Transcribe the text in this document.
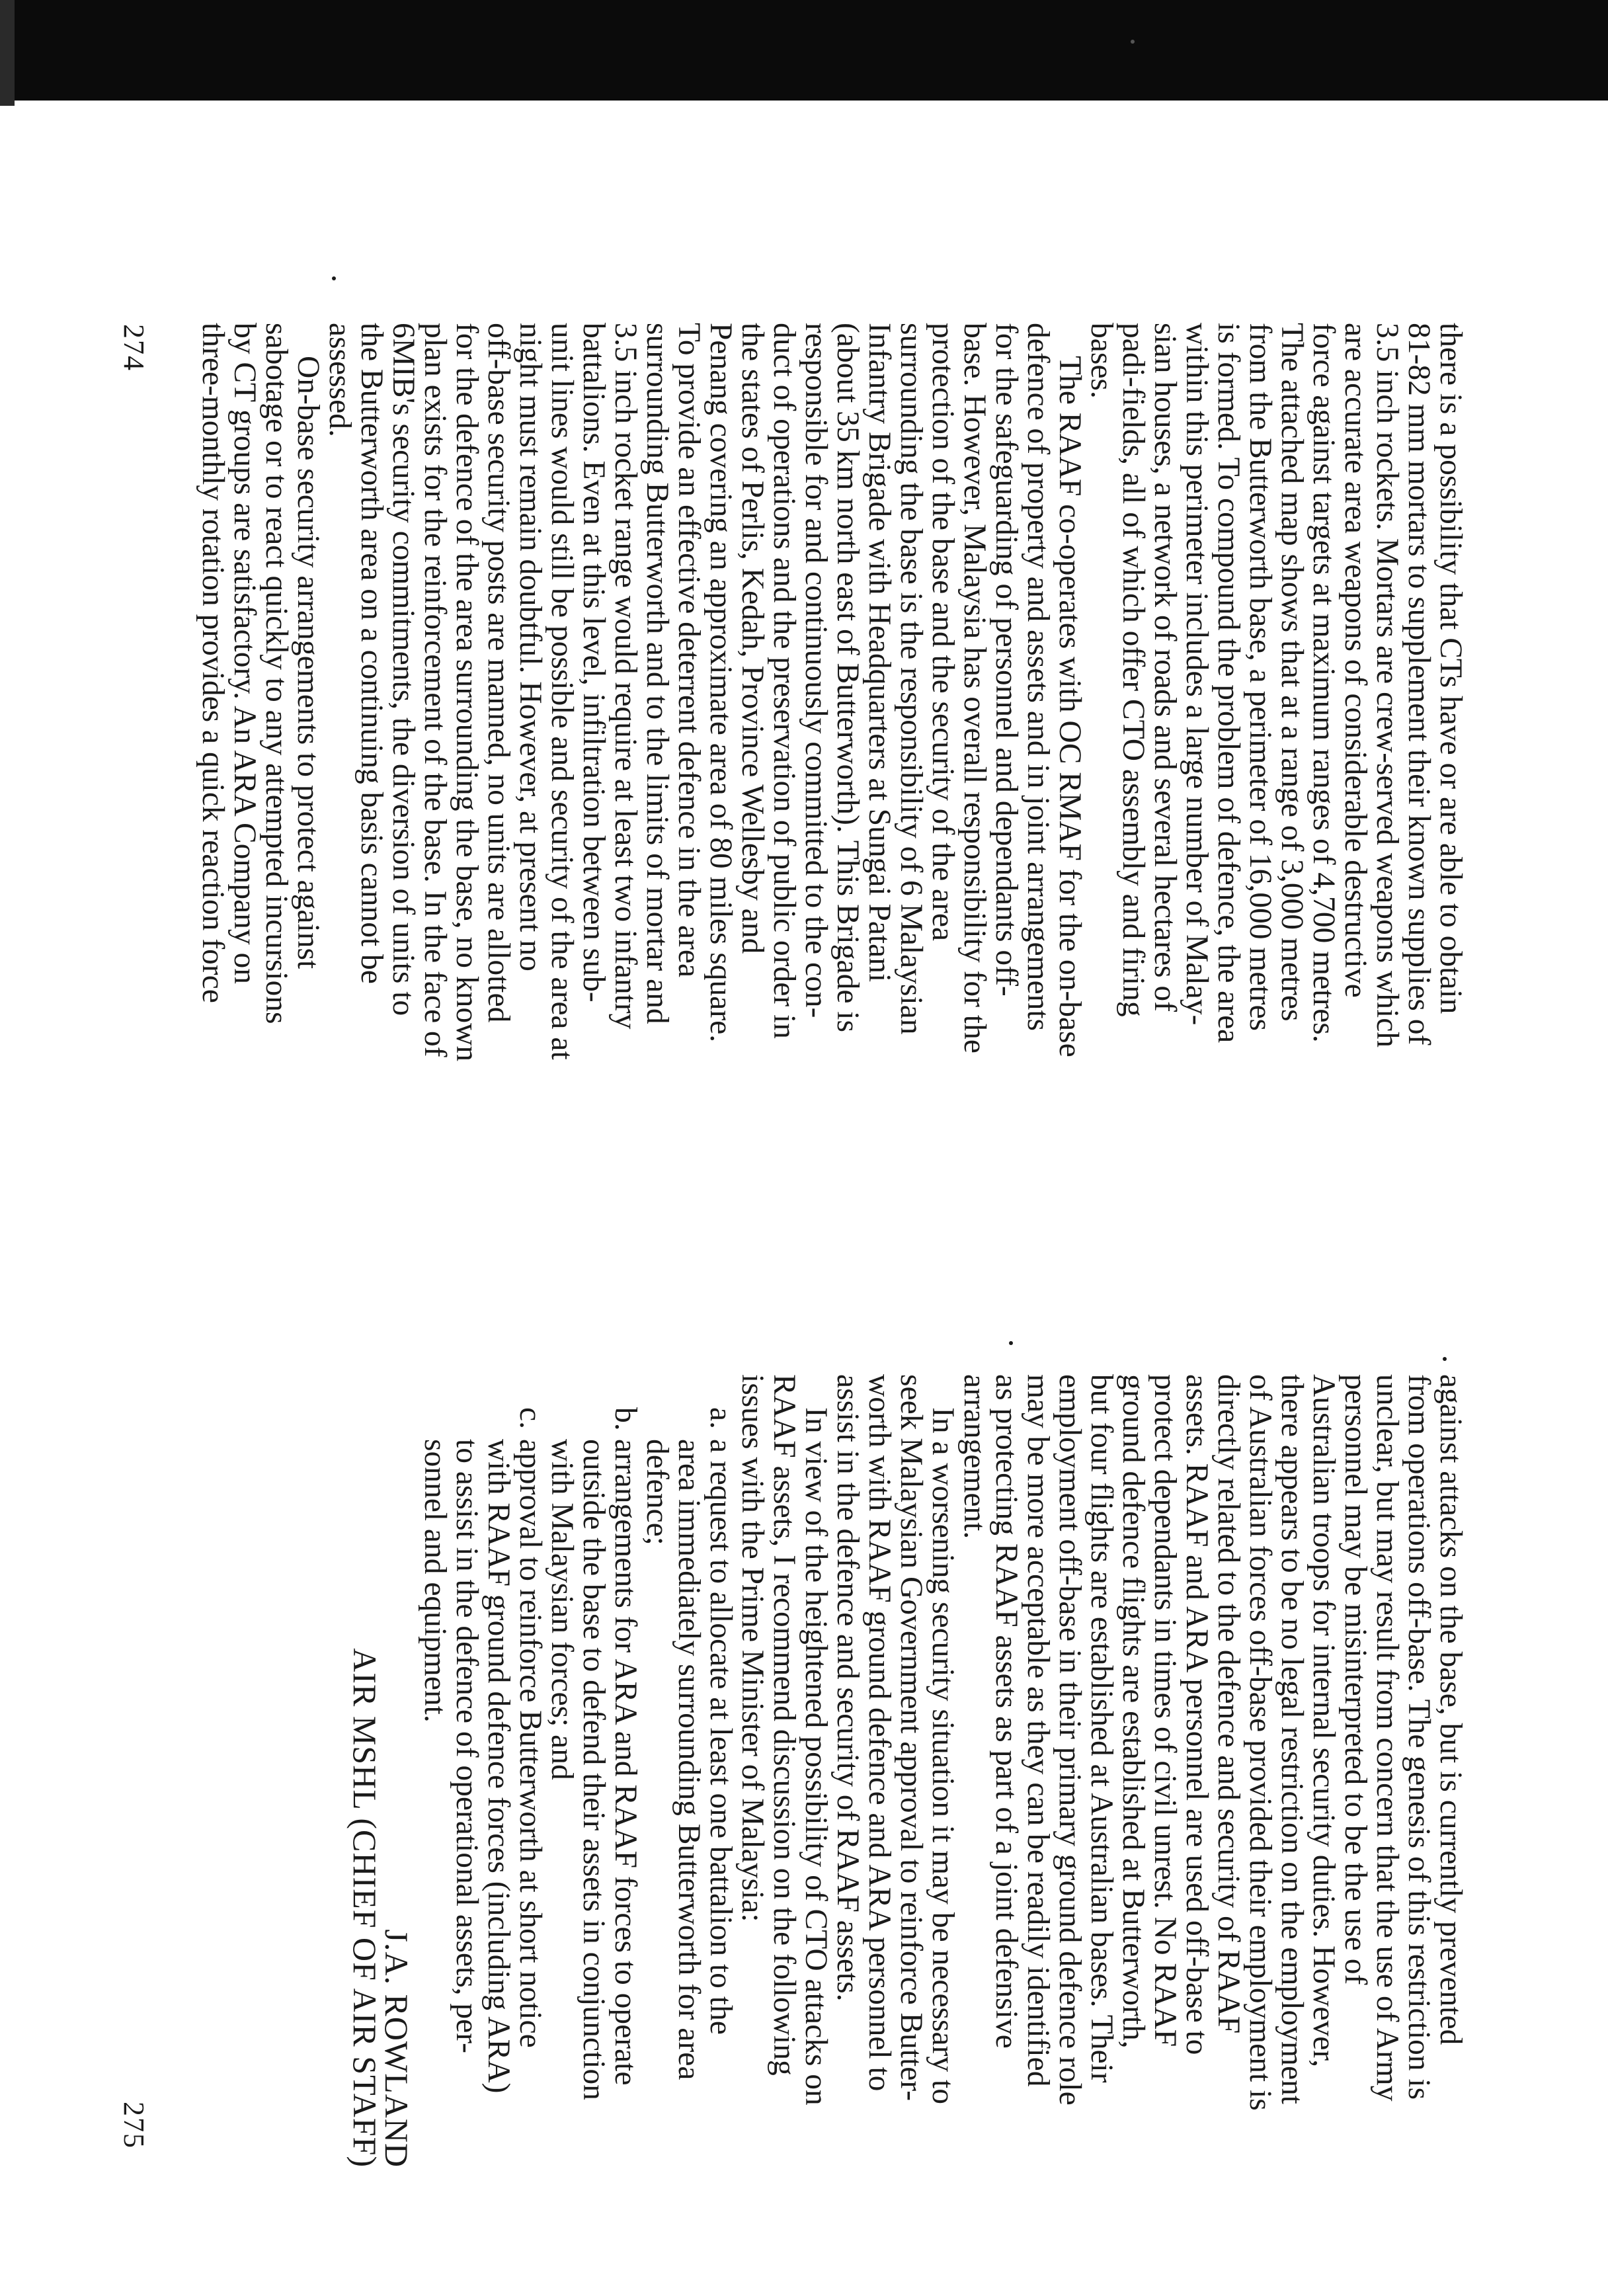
there is a possibility that CTs have or are able to obtain
81-82 mm mortars to supplement their known supplies of
3.5 inch rockets. Mortars are crew-served weapons which
are accurate area weapons of considerable destructive
force against targets at maximum ranges of 4,700 metres.
The attached map shows that at a range of 3,000 metres
from the Butterworth base, a perimeter of 16,000 metres
is formed. To compound the problem of defence, the area
within this perimeter includes a large number of Malay-
sian houses, a network of roads and several hectares of
padi-fields, all of which offer CTO assembly and firing
bases.
The RAAF co-operates with OC RMAF for the on-base
defence of property and assets and in joint arrangements
for the safeguarding of personnel and dependants off-
base. However, Malaysia has overall responsibility for the
protection of the base and the security of the area
surrounding the base is the responsibility of 6 Malaysian
Infantry Brigade with Headquarters at Sungai Patani
(about 35 km north east of Butterworth). This Brigade is
responsible for and continuously committed to the con-
duct of operations and the preservation of public order in
the states of Perlis, Kedah, Province Wellesby and
Penang covering an approximate area of 80 miles square.
To provide an effective deterrent defence in the area
surrounding Butterworth and to the limits of mortar and
3.5 inch rocket range would require at least two infantry
battalions. Even at this level, infiltration between sub-
unit lines would still be possible and security of the area at
night must remain doubtful. However, at present no
off-base security posts are manned, no units are allotted
for the defence of the area surrounding the base, no known
plan exists for the reinforcement of the base. In the face of
6MIB's security commitments, the diversion of units to
the Butterworth area on a continuing basis cannot be
assessed.
On-base security arrangements to protect against
sabotage or to react quickly to any attempted incursions
by CT groups are satisfactory. An ARA Company on
three-monthly rotation provides a quick reaction force
274
against attacks on the base, but is currently prevented
from operations off-base. The genesis of this restriction is
unclear, but may result from concern that the use of Army
personnel may be misinterpreted to be the use of
Australian troops for internal security duties. However,
there appears to be no legal restriction on the employment
of Australian forces off-base provided their employment is
directly related to the defence and security of RAAF
assets. RAAF and ARA personnel are used off-base to
protect dependants in times of civil unrest. No RAAF
ground defence flights are established at Butterworth,
but four flights are established at Australian bases. Their
employment off-base in their primary ground defence role
may be more acceptable as they can be readily identified
as protecting RAAF assets as part of a joint defensive
arrangement.
In a worsening security situation it may be necessary to
seek Malaysian Government approval to reinforce Butter-
worth with RAAF ground defence and ARA personnel to
assist in the defence and security of RAAF assets.
In view of the heightened possibility of CTO attacks on
RAAF assets, I recommend discussion on the following
issues with the Prime Minister of Malaysia:
a.
a request to allocate at least one battalion to the
area immediately surrounding Butterworth for area
defence;
b.
arrangements for ARA and RAAF forces to operate
outside the base to defend their assets in conjunction
with Malaysian forces; and
c.
approval to reinforce Butterworth at short notice
with RAAF ground defence forces (including ARA)
to assist in the defence of operational assets, per-
sonnel and equipment.
J.A. ROWLAND
AIR MSHL (CHIEF OF AIR STAFF)
275
